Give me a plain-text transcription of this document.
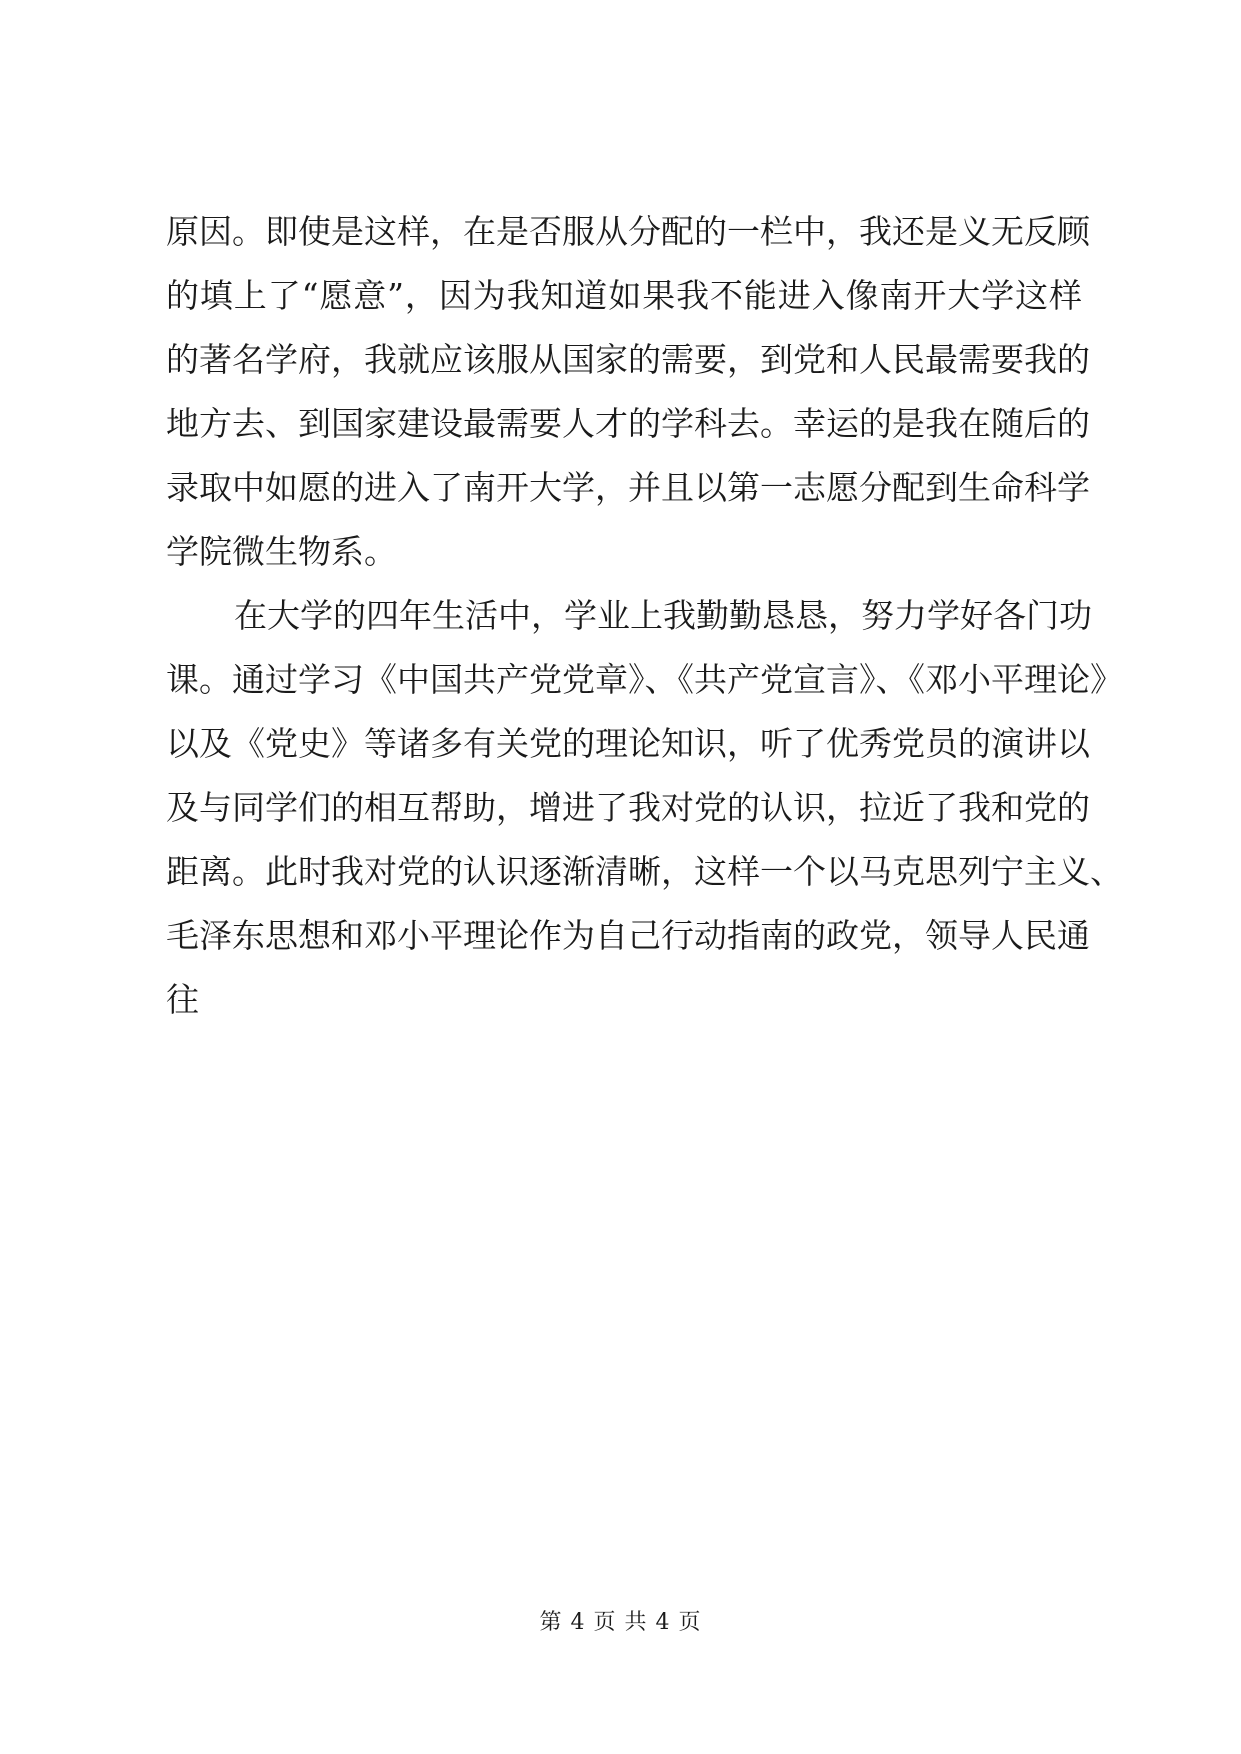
原因。即使是这样，在是否服从分配的一栏中，我还是义无反顾
的填上了“愿意”，因为我知道如果我不能进入像南开大学这样
的著名学府，我就应该服从国家的需要，到党和人民最需要我的
地方去、到国家建设最需要人才的学科去。幸运的是我在随后的
录取中如愿的进入了南开大学，并且以第一志愿分配到生命科学
学院微生物系。
在大学的四年生活中，学业上我勤勤恳恳，努力学好各门功
课。通过学习《中国共产党党章》、《共产党宣言》、《邓小平理论》
以及《党史》等诸多有关党的理论知识，听了优秀党员的演讲以
及与同学们的相互帮助，增进了我对党的认识，拉近了我和党的
距离。此时我对党的认识逐渐清晰，这样一个以马克思列宁主义、
毛泽东思想和邓小平理论作为自己行动指南的政党，领导人民通
往
第 4 页 共 4 页
